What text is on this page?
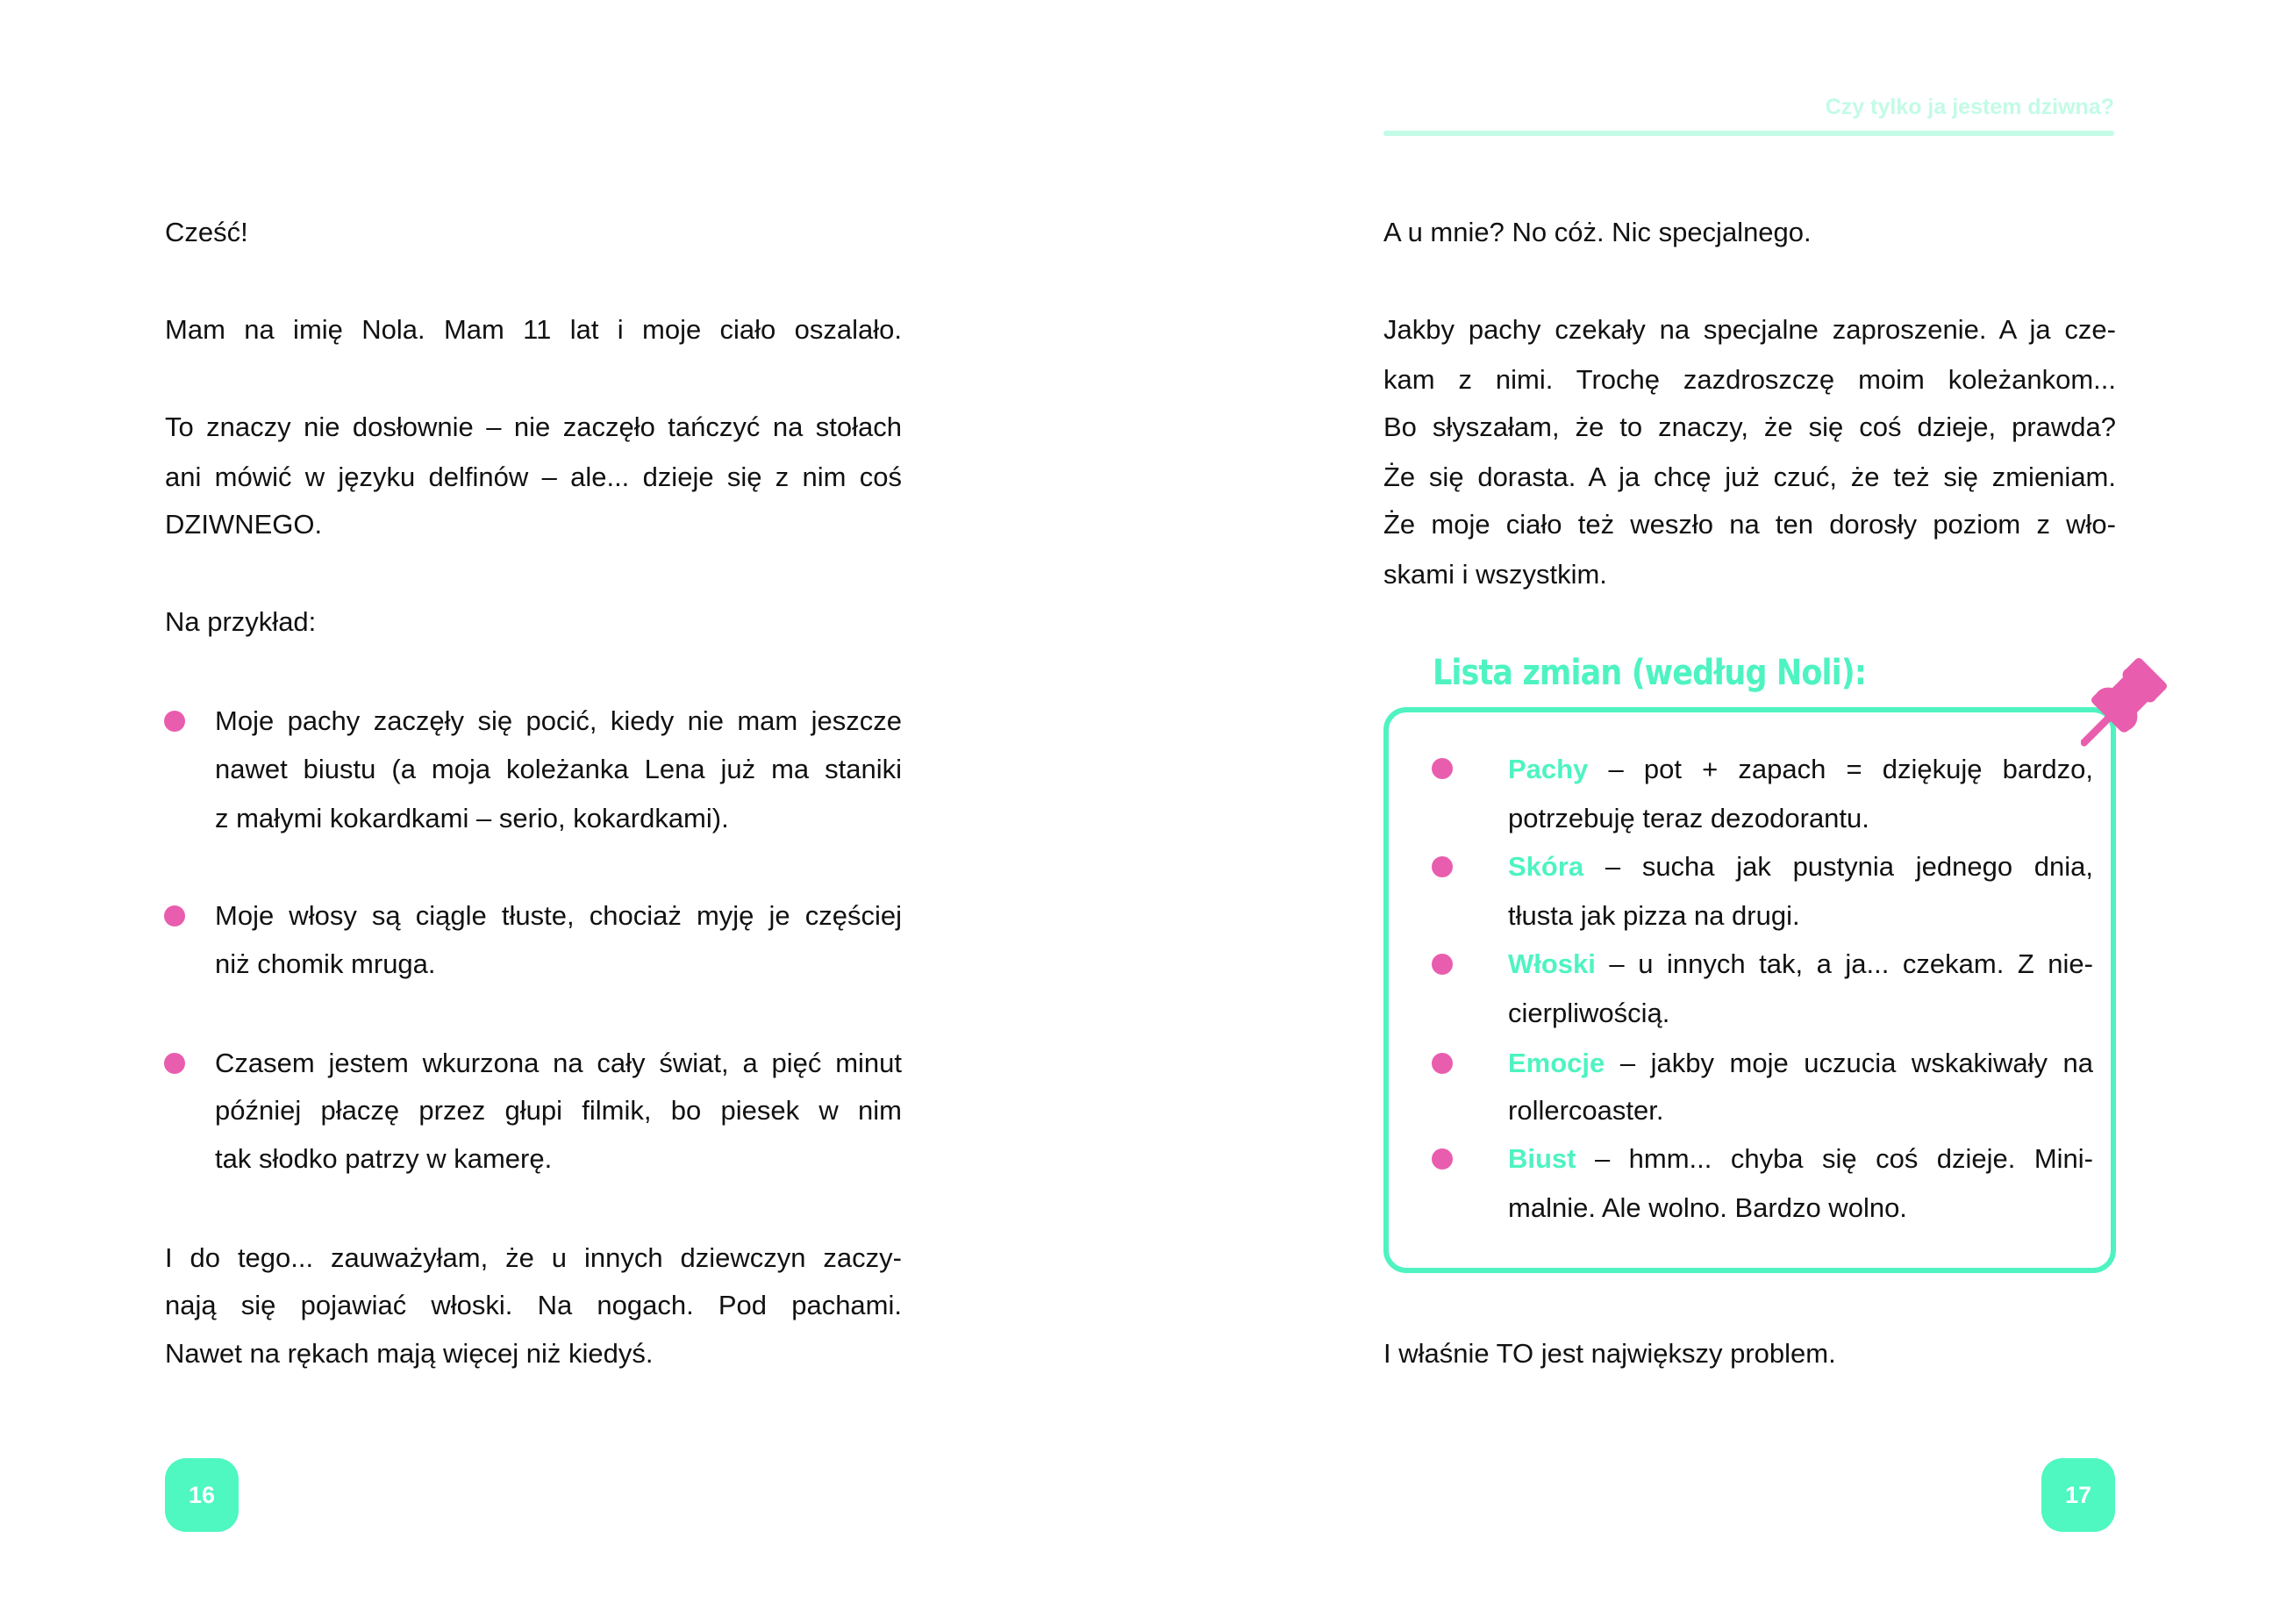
Cześć!
Mam na imię Nola. Mam 11 lat i moje ciało oszalało.
To znaczy nie dosłownie – nie zaczęło tańczyć na stołach
ani mówić w języku delfinów – ale... dzieje się z nim coś
DZIWNEGO.
Na przykład:
Moje pachy zaczęły się pocić, kiedy nie mam jeszcze
nawet biustu (a moja koleżanka Lena już ma staniki
z małymi kokardkami – serio, kokardkami).
Moje włosy są ciągle tłuste, chociaż myję je częściej
niż chomik mruga.
Czasem jestem wkurzona na cały świat, a pięć minut
później płaczę przez głupi filmik, bo piesek w nim
tak słodko patrzy w kamerę.
I do tego... zauważyłam, że u innych dziewczyn zaczy-
nają się pojawiać włoski. Na nogach. Pod pachami.
Nawet na rękach mają więcej niż kiedyś.
16
Czy tylko ja jestem dziwna?
A u mnie? No cóż. Nic specjalnego.
Jakby pachy czekały na specjalne zaproszenie. A ja cze-
kam z nimi. Trochę zazdroszczę moim koleżankom...
Bo słyszałam, że to znaczy, że się coś dzieje, prawda?
Że się dorasta. A ja chcę już czuć, że też się zmieniam.
Że moje ciało też weszło na ten dorosły poziom z wło-
skami i wszystkim.
Lista zmian (według Noli):
Pachy – pot + zapach = dziękuję bardzo,
potrzebuję teraz dezodorantu.
Skóra – sucha jak pustynia jednego dnia,
tłusta jak pizza na drugi.
Włoski – u innych tak, a ja... czekam. Z nie-
cierpliwością.
Emocje – jakby moje uczucia wskakiwały na
rollercoaster.
Biust – hmm... chyba się coś dzieje. Mini-
malnie. Ale wolno. Bardzo wolno.
I właśnie TO jest największy problem.
17
